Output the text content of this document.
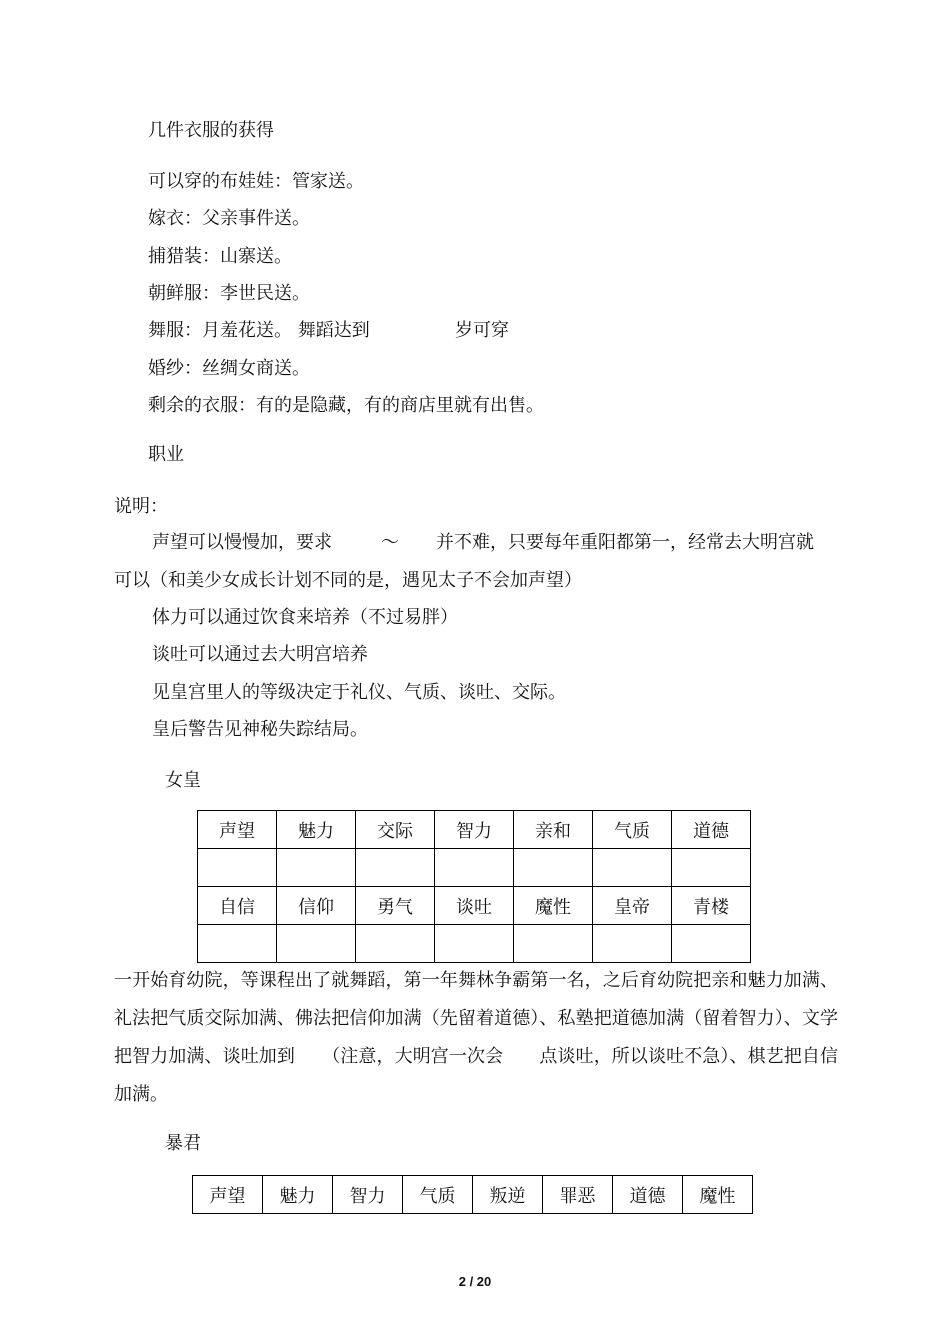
几件衣服的获得
可以穿的布娃娃：管家送。
嫁衣：父亲事件送。
捕猎装：山寨送。
朝鲜服：李世民送。
舞服：月羞花送。 舞蹈达到	岁可穿
婚纱：丝绸女商送。
剩余的衣服：有的是隐藏，有的商店里就有出售。
职业
说明：
声望可以慢慢加，要求	～ 并不难，只要每年重阳都第一，经常去大明宫就
可以（和美少女成长计划不同的是，遇见太子不会加声望）
体力可以通过饮食来培养（不过易胖）
谈吐可以通过去大明宫培养
见皇宫里人的等级决定于礼仪、气质、谈吐、交际。
皇后警告见神秘失踪结局。
女皇
声望	魅力	交际	智力	亲和	气质	道德

自信	信仰	勇气	谈吐	魔性	皇帝	青楼

一开始育幼院，等课程出了就舞蹈，第一年舞林争霸第一名，之后育幼院把亲和魅力加满、礼法把气质交际加满、佛法把信仰加满（先留着道德）、私塾把道德加满（留着智力）、文学把智力加满、谈吐加到　　（注意，大明宫一次会　　点谈吐，所以谈吐不急）、棋艺把自信加满。
暴君
声望	魅力	智力	气质	叛逆	罪恶	道德	魔性
2 / 20
